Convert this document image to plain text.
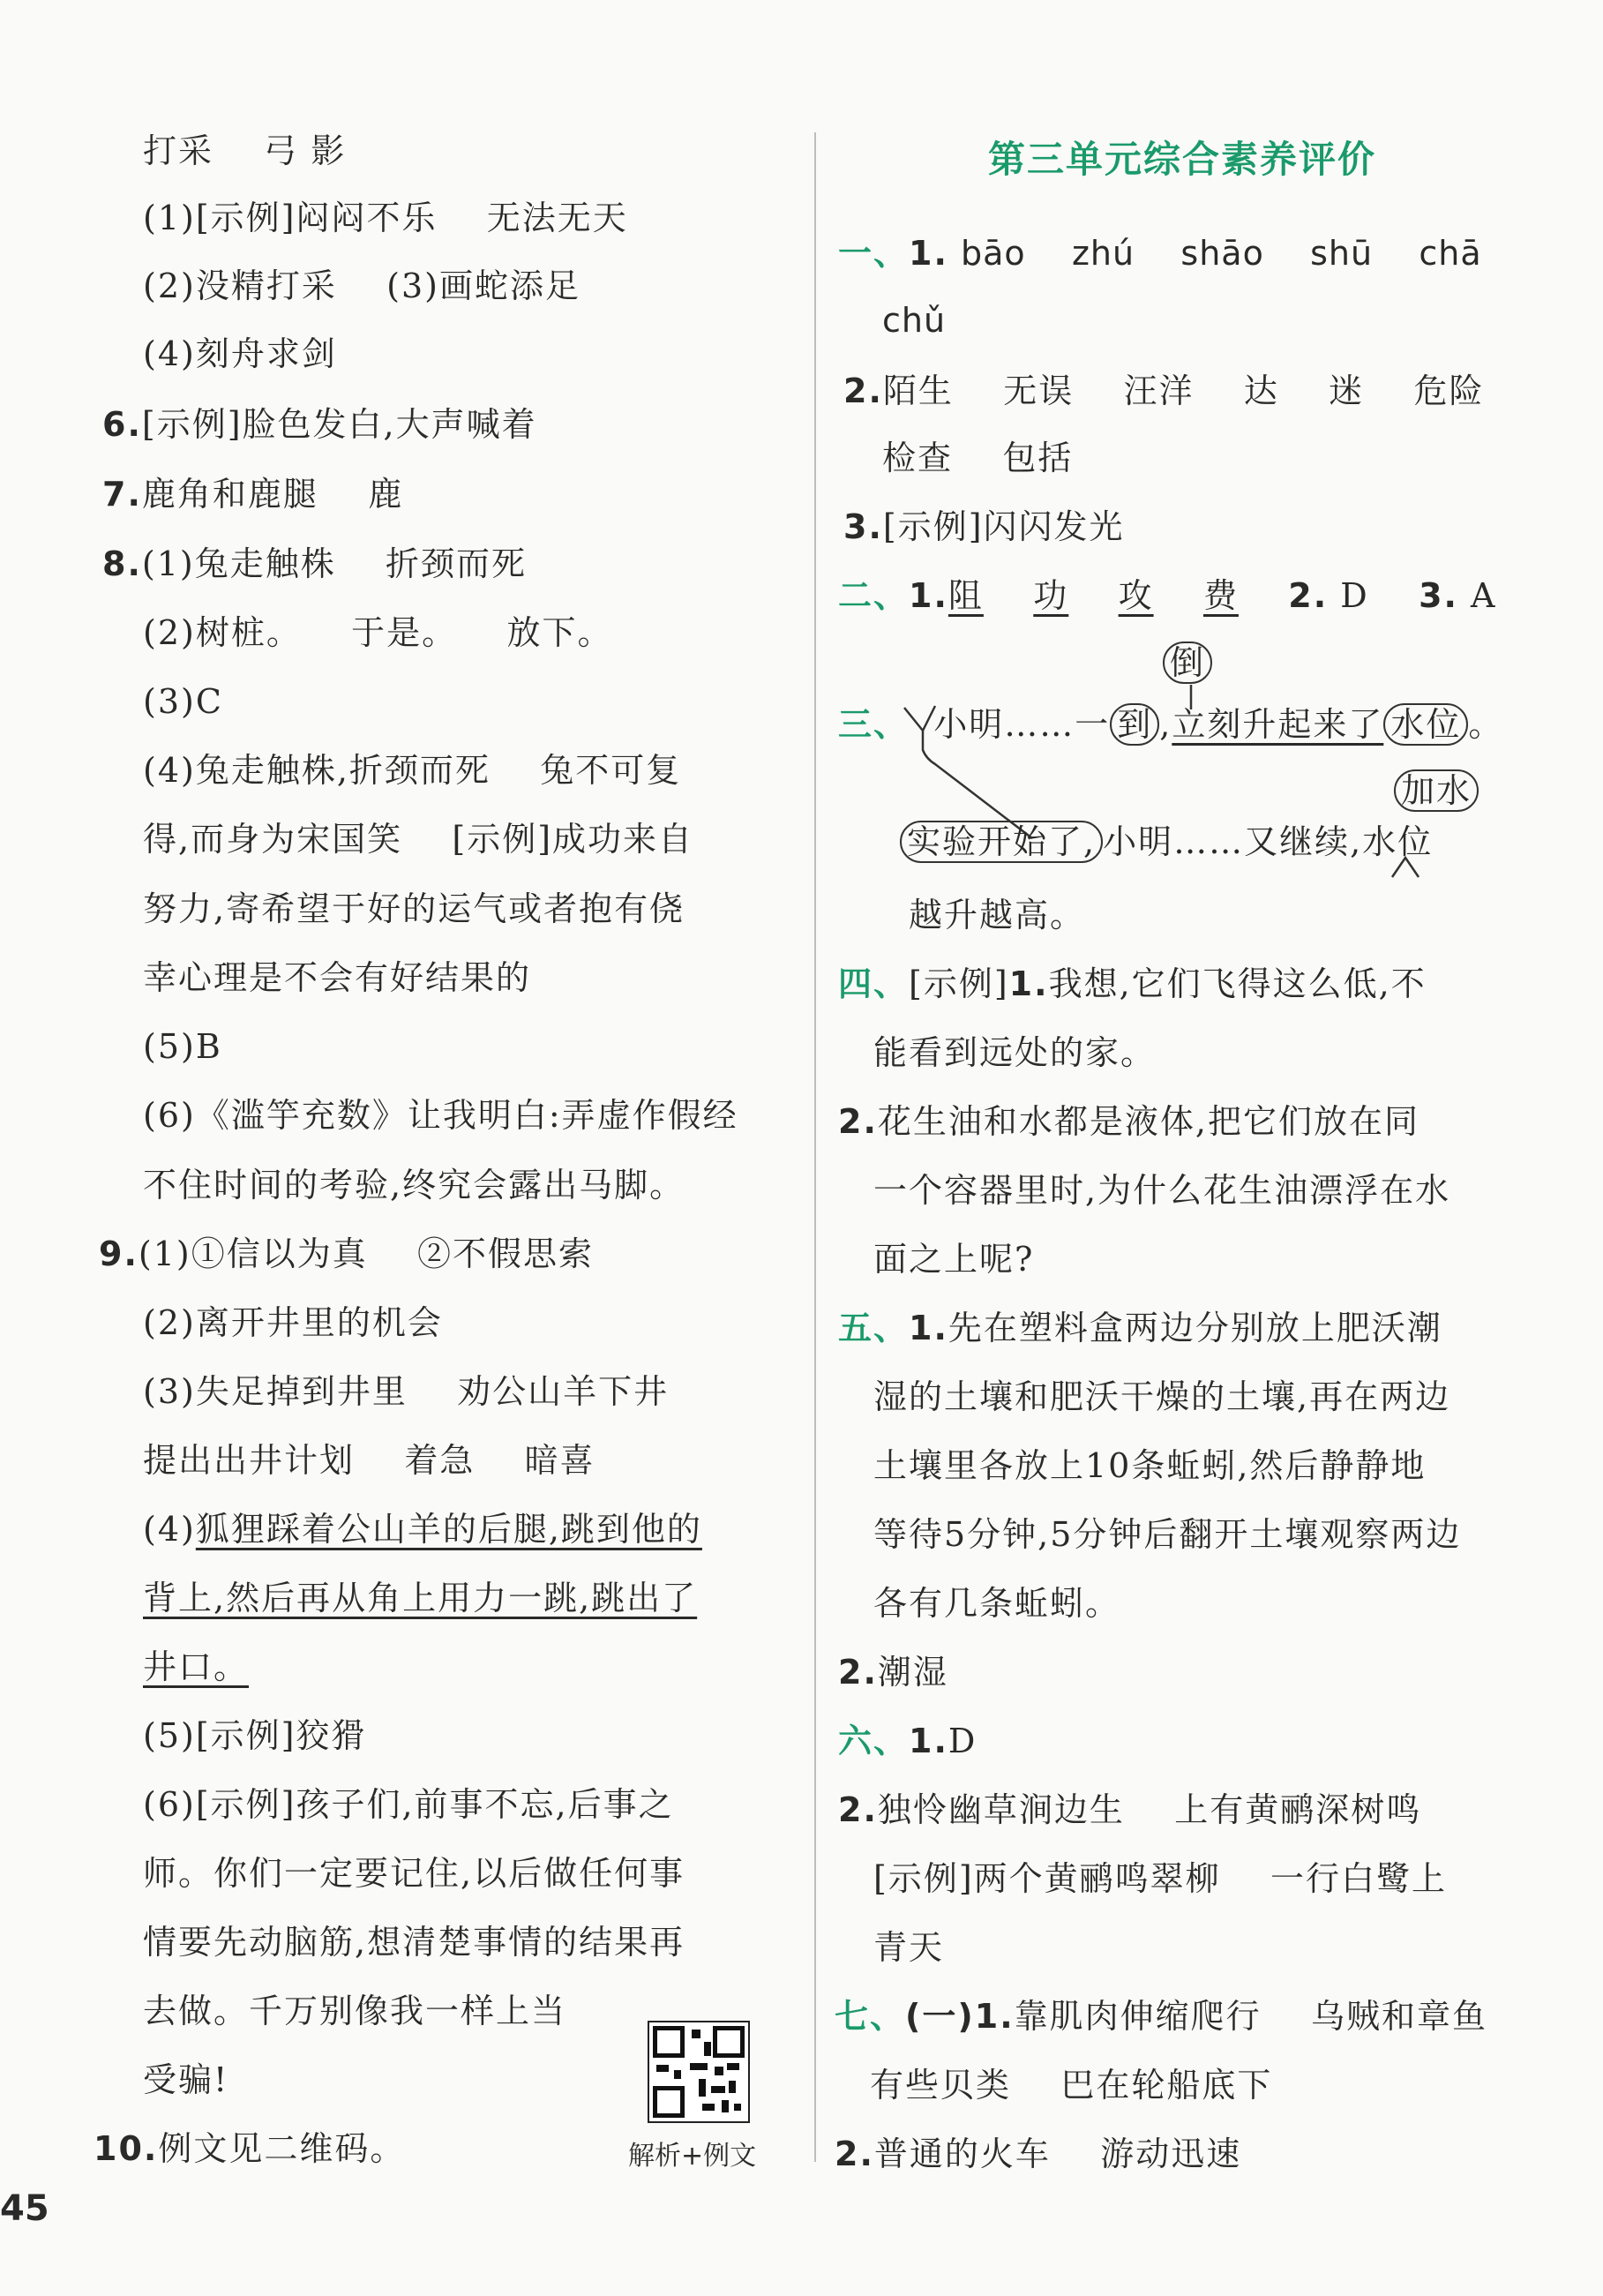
打采    弓 影
(1)[示例]闷闷不乐    无法无天
(2)没精打采    (3)画蛇添足
(4)刻舟求剑
6.[示例]脸色发白,大声喊着
7.鹿角和鹿腿    鹿
8.(1)兔走触株    折颈而死
(2)树桩。    于是。    放下。
(3)C
(4)兔走触株,折颈而死    兔不可复
得,而身为宋国笑    [示例]成功来自
努力,寄希望于好的运气或者抱有侥
幸心理是不会有好结果的
(5)B
(6)《滥竽充数》让我明白:弄虚作假经
不住时间的考验,终究会露出马脚。
9.(1)①信以为真    ②不假思索
(2)离开井里的机会
(3)失足掉到井里    劝公山羊下井
提出出井计划    着急    暗喜
(4)狐狸踩着公山羊的后腿,跳到他的
背上,然后再从角上用力一跳,跳出了
井口。
(5)[示例]狡猾
(6)[示例]孩子们,前事不忘,后事之
师。你们一定要记住,以后做任何事
情要先动脑筋,想清楚事情的结果再
去做。千万别像我一样上当
受骗!
10.例文见二维码。	解析+例文
45
第三单元综合素养评价
一、1. bāo    zhú    shāo    shū    chā
chǔ
2.陌生    无误    汪洋    达    迷    危险
检查    包括
3.[示例]闪闪发光
二、1.阻 功 攻 费 2. D 3. A
倒
三、 小明……一 到 ,立刻升起来了 水位 。
加水
实验开始了, 小明……又继续,水位
越升越高。
四、[示例]1.我想,它们飞得这么低,不
能看到远处的家。
2.花生油和水都是液体,把它们放在同
一个容器里时,为什么花生油漂浮在水
面之上呢?
五、1.先在塑料盒两边分别放上肥沃潮
湿的土壤和肥沃干燥的土壤,再在两边
土壤里各放上10条蚯蚓,然后静静地
等待5分钟,5分钟后翻开土壤观察两边
各有几条蚯蚓。
2.潮湿
六、1.D
2.独怜幽草涧边生    上有黄鹂深树鸣
[示例]两个黄鹂鸣翠柳    一行白鹭上
青天
七、(一)1.靠肌肉伸缩爬行    乌贼和章鱼
有些贝类    巴在轮船底下
2.普通的火车    游动迅速
